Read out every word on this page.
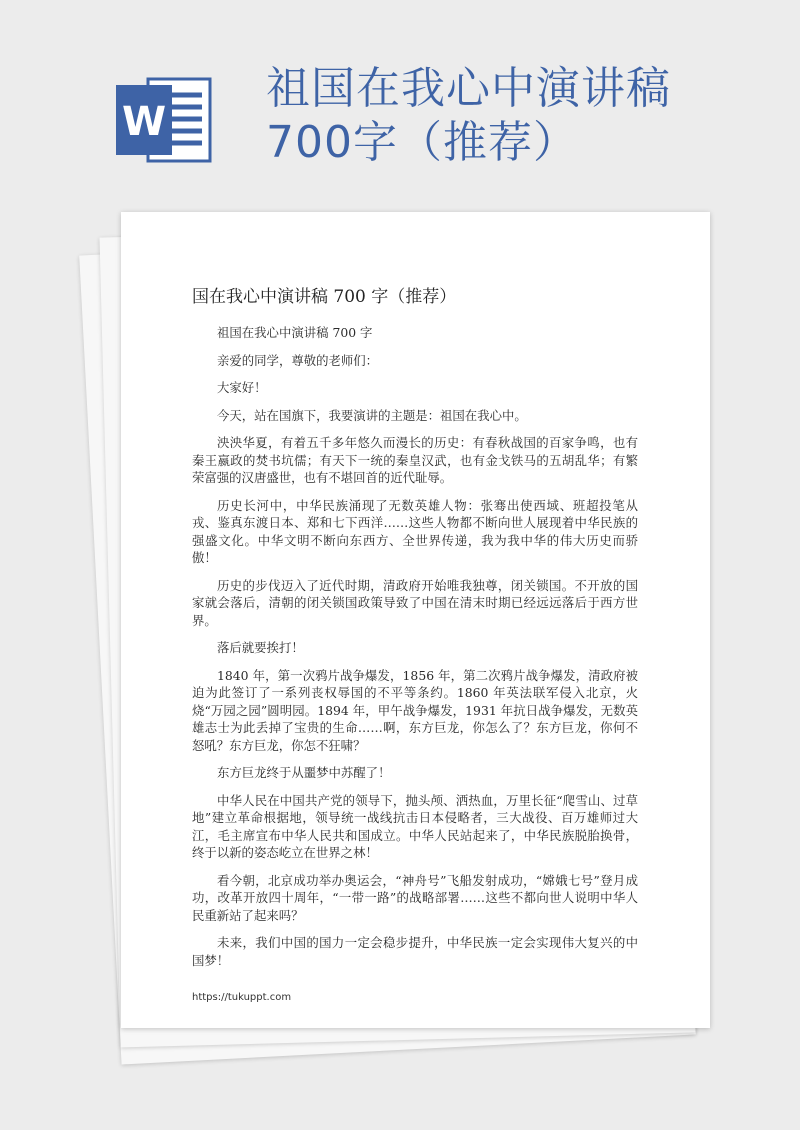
W
祖国在我心中演讲稿700字（推荐）
国在我心中演讲稿 700 字（推荐）

祖国在我心中演讲稿 700 字

亲爱的同学，尊敬的老师们：

大家好！

今天，站在国旗下，我要演讲的主题是：祖国在我心中。

泱泱华夏，有着五千多年悠久而漫长的历史：有春秋战国的百家争鸣，也有秦王嬴政的焚书坑儒；有天下一统的秦皇汉武，也有金戈铁马的五胡乱华；有繁荣富强的汉唐盛世，也有不堪回首的近代耻辱。

历史长河中，中华民族涌现了无数英雄人物：张骞出使西域、班超投笔从戎、鉴真东渡日本、郑和七下西洋……这些人物都不断向世人展现着中华民族的强盛文化。中华文明不断向东西方、全世界传递，我为我中华的伟大历史而骄傲！

历史的步伐迈入了近代时期，清政府开始唯我独尊，闭关锁国。不开放的国家就会落后，清朝的闭关锁国政策导致了中国在清末时期已经远远落后于西方世界。

落后就要挨打！

1840 年，第一次鸦片战争爆发，1856 年，第二次鸦片战争爆发，清政府被迫为此签订了一系列丧权辱国的不平等条约。1860 年英法联军侵入北京，火烧“万园之园”圆明园。1894 年，甲午战争爆发，1931 年抗日战争爆发，无数英雄志士为此丢掉了宝贵的生命……啊，东方巨龙，你怎么了？东方巨龙，你何不怒吼？东方巨龙，你怎不狂啸？

东方巨龙终于从噩梦中苏醒了！

中华人民在中国共产党的领导下，抛头颅、洒热血，万里长征“爬雪山、过草地”建立革命根据地，领导统一战线抗击日本侵略者，三大战役、百万雄师过大江，毛主席宣布中华人民共和国成立。中华人民站起来了，中华民族脱胎换骨，终于以新的姿态屹立在世界之林！

看今朝，北京成功举办奥运会，“神舟号”飞船发射成功，“嫦娥七号”登月成功，改革开放四十周年，“一带一路”的战略部署……这些不都向世人说明中华人民重新站了起来吗？

未来，我们中国的国力一定会稳步提升，中华民族一定会实现伟大复兴的中国梦！

https://tukuppt.com
